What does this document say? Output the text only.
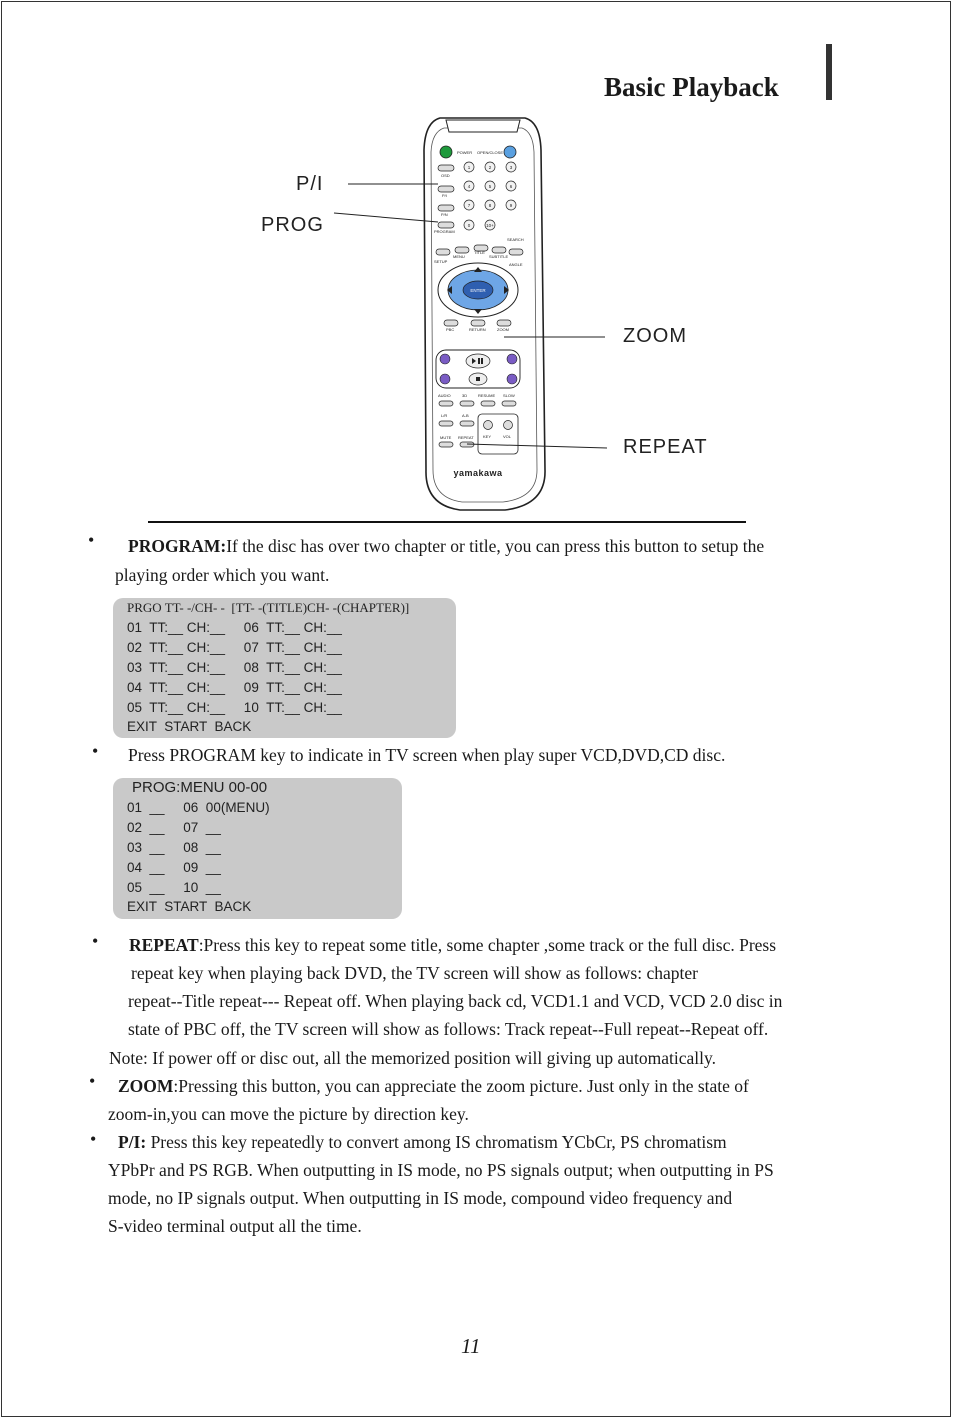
Basic Playback
POWER OPEN/CLOSE
OSD
P/I
P/N
PROGRAM
1	2	3
4	5	6
7	8	9
0	10+
SEARCH
TITLE
MENU	SUBTITLE
SETUP
ANGLE
ENTER
PBC	RETURN	ZOOM
AUDIO	3D	RESUME SLOW
L/R	A-B
MUTE REPEAT KEY	VOL
yamakawa
P/I
PROG
ZOOM
REPEAT
• PROGRAM:If the disc has over two chapter or title, you can press this button to setup the
playing order which you want.
PRGO TT- -/CH- -  [TT- -(TITLE)CH- -(CHAPTER)]
01  TT:__ CH:__     06  TT:__ CH:__
02  TT:__ CH:__     07  TT:__ CH:__
03  TT:__ CH:__     08  TT:__ CH:__
04  TT:__ CH:__     09  TT:__ CH:__
05  TT:__ CH:__     10  TT:__ CH:__
EXIT  START  BACK
• Press PROGRAM key to indicate in TV screen when play super VCD,DVD,CD disc.
PROG:MENU 00-00
01  __     06  00(MENU)
02  __     07  __
03  __     08  __
04  __     09  __
05  __     10  __
EXIT  START  BACK
• REPEAT:Press this key to repeat some title, some chapter ,some track or the full disc. Press
repeat key when playing back DVD, the TV screen will show as follows: chapter
repeat--Title repeat--- Repeat off. When playing back cd, VCD1.1 and VCD, VCD 2.0 disc in
state of PBC off, the TV screen will show as follows: Track repeat--Full repeat--Repeat off.
Note: If power off or disc out, all the memorized position will giving up automatically.
• ZOOM:Pressing this button, you can appreciate the zoom picture. Just only in the state of
zoom-in,you can move the picture by direction key.
• P/I: Press this key repeatedly to convert among IS chromatism YCbCr, PS chromatism
YPbPr and PS RGB. When outputting in IS mode, no PS signals output; when outputting in PS
mode, no IP signals output. When outputting in IS mode, compound video frequency and
S-video terminal output all the time.
11
